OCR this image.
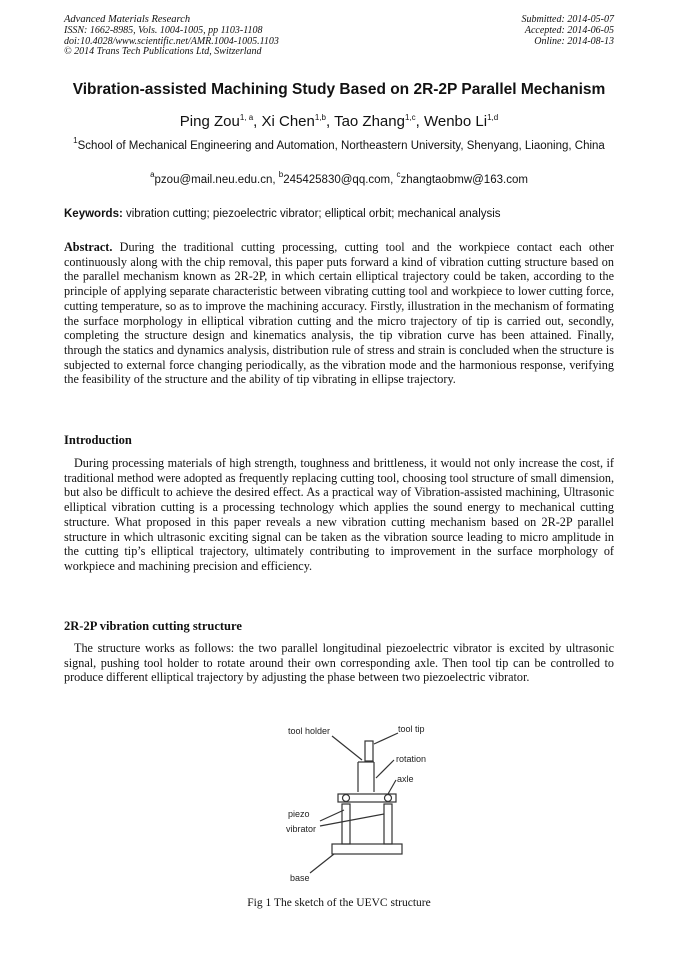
Advanced Materials Research
ISSN: 1662-8985, Vols. 1004-1005, pp 1103-1108
doi:10.4028/www.scientific.net/AMR.1004-1005.1103
© 2014 Trans Tech Publications Ltd, Switzerland
Submitted: 2014-05-07
Accepted: 2014-06-05
Online: 2014-08-13
Vibration-assisted Machining Study Based on 2R-2P Parallel Mechanism
Ping Zou$^{1, a}$, Xi Chen$^{1,b}$, Tao Zhang$^{1,c}$, Wenbo Li$^{1,d}$
$^1$School of Mechanical Engineering and Automation, Northeastern University, Shenyang, Liaoning, China
$^a$pzou@mail.neu.edu.cn, $^b$245425830@qq.com, $^c$zhangtaobmw@163.com
Keywords: vibration cutting; piezoelectric vibrator; elliptical orbit; mechanical analysis

Abstract. During the traditional cutting processing, cutting tool and the workpiece contact each other continuously along with the chip removal, this paper puts forward a kind of vibration cutting structure based on the parallel mechanism known as 2R-2P, in which certain elliptical trajectory could be taken, according to the principle of applying separate characteristic between vibrating cutting tool and workpiece to lower cutting force, cutting temperature, so as to improve the machining accuracy. Firstly, illustration in the mechanism of formating the surface morphology in elliptical vibration cutting and the micro trajectory of tip is carried out, secondly, completing the structure design and kinematics analysis, the tip vibration curve has been attained. Finally, through the statics and dynamics analysis, distribution rule of stress and strain is concluded when the structure is subjected to external force changing periodically, as the vibration mode and the harmonious response, verifying the feasibility of the structure and the ability of tip vibrating in ellipse trajectory.

Introduction

During processing materials of high strength, toughness and brittleness, it would not only increase the cost, if traditional method were adopted as frequently replacing cutting tool, choosing tool structure of small dimension, but also be difficult to achieve the desired effect. As a practical way of Vibration-assisted machining, Ultrasonic elliptical vibration cutting is a processing technology which applies the sound energy to mechanical cutting structure. What proposed in this paper reveals a new vibration cutting mechanism based on 2R-2P parallel structure in which ultrasonic exciting signal can be taken as the vibration source leading to micro amplitude in the cutting tip’s elliptical trajectory, ultimately contributing to improvement in the surface morphology of workpiece and machining precision and efficiency.

2R-2P vibration cutting structure

The structure works as follows: the two parallel longitudinal piezoelectric vibrator is excited by ultrasonic signal, pushing tool holder to rotate around their own corresponding axle. Then tool tip can be controlled to produce different elliptical trajectory by adjusting the phase between two piezoelectric vibrator.

tool holder	tool tip
rotation
axle
piezo
vibrator
base
Fig 1 The sketch of the UEVC structure
